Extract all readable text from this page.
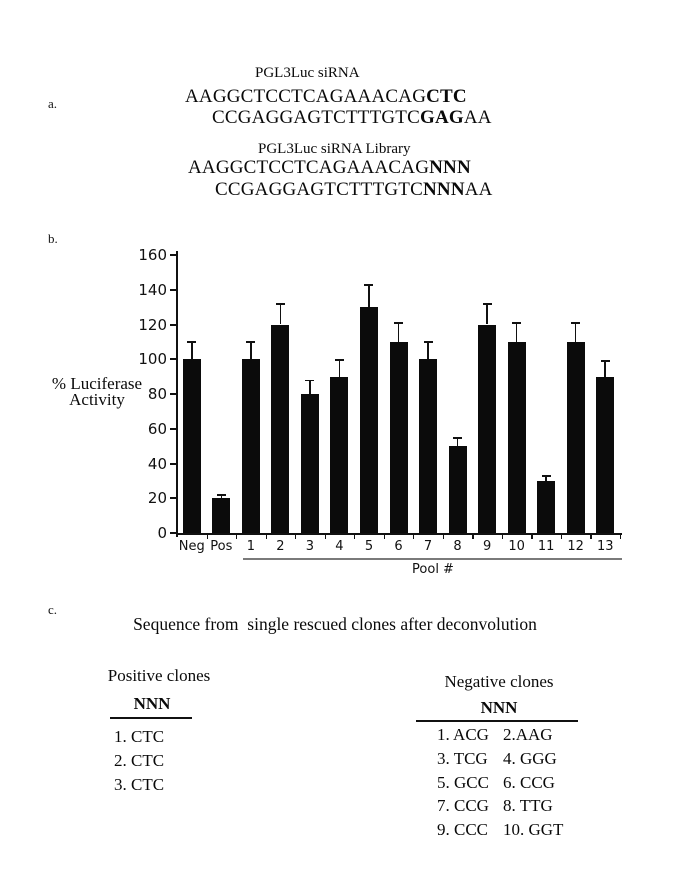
a.
PGL3Luc siRNA
AAGGCTCCTCAGAAACAGCTC
CCGAGGAGTCTTTGTCGAGAA
PGL3Luc siRNA Library
AAGGCTCCTCAGAAACAGNNN
CCGAGGAGTCTTTGTCNNNAA
b.
% Luciferase
Activity
0
20
40
60
80
100
120
140
160
Neg Pos	1	2	3	4	5	6	7	8	9	10 11 12 13
Pool #
c.
Sequence from  single rescued clones after deconvolution
Positive clones
NNN
1. CTC
2. CTC
3. CTC
Negative clones
NNN
1. ACG 2.AAG
3. TCG 4. GGG
5. GCC 6. CCG
7. CCG 8. TTG
9. CCC 10. GGT
